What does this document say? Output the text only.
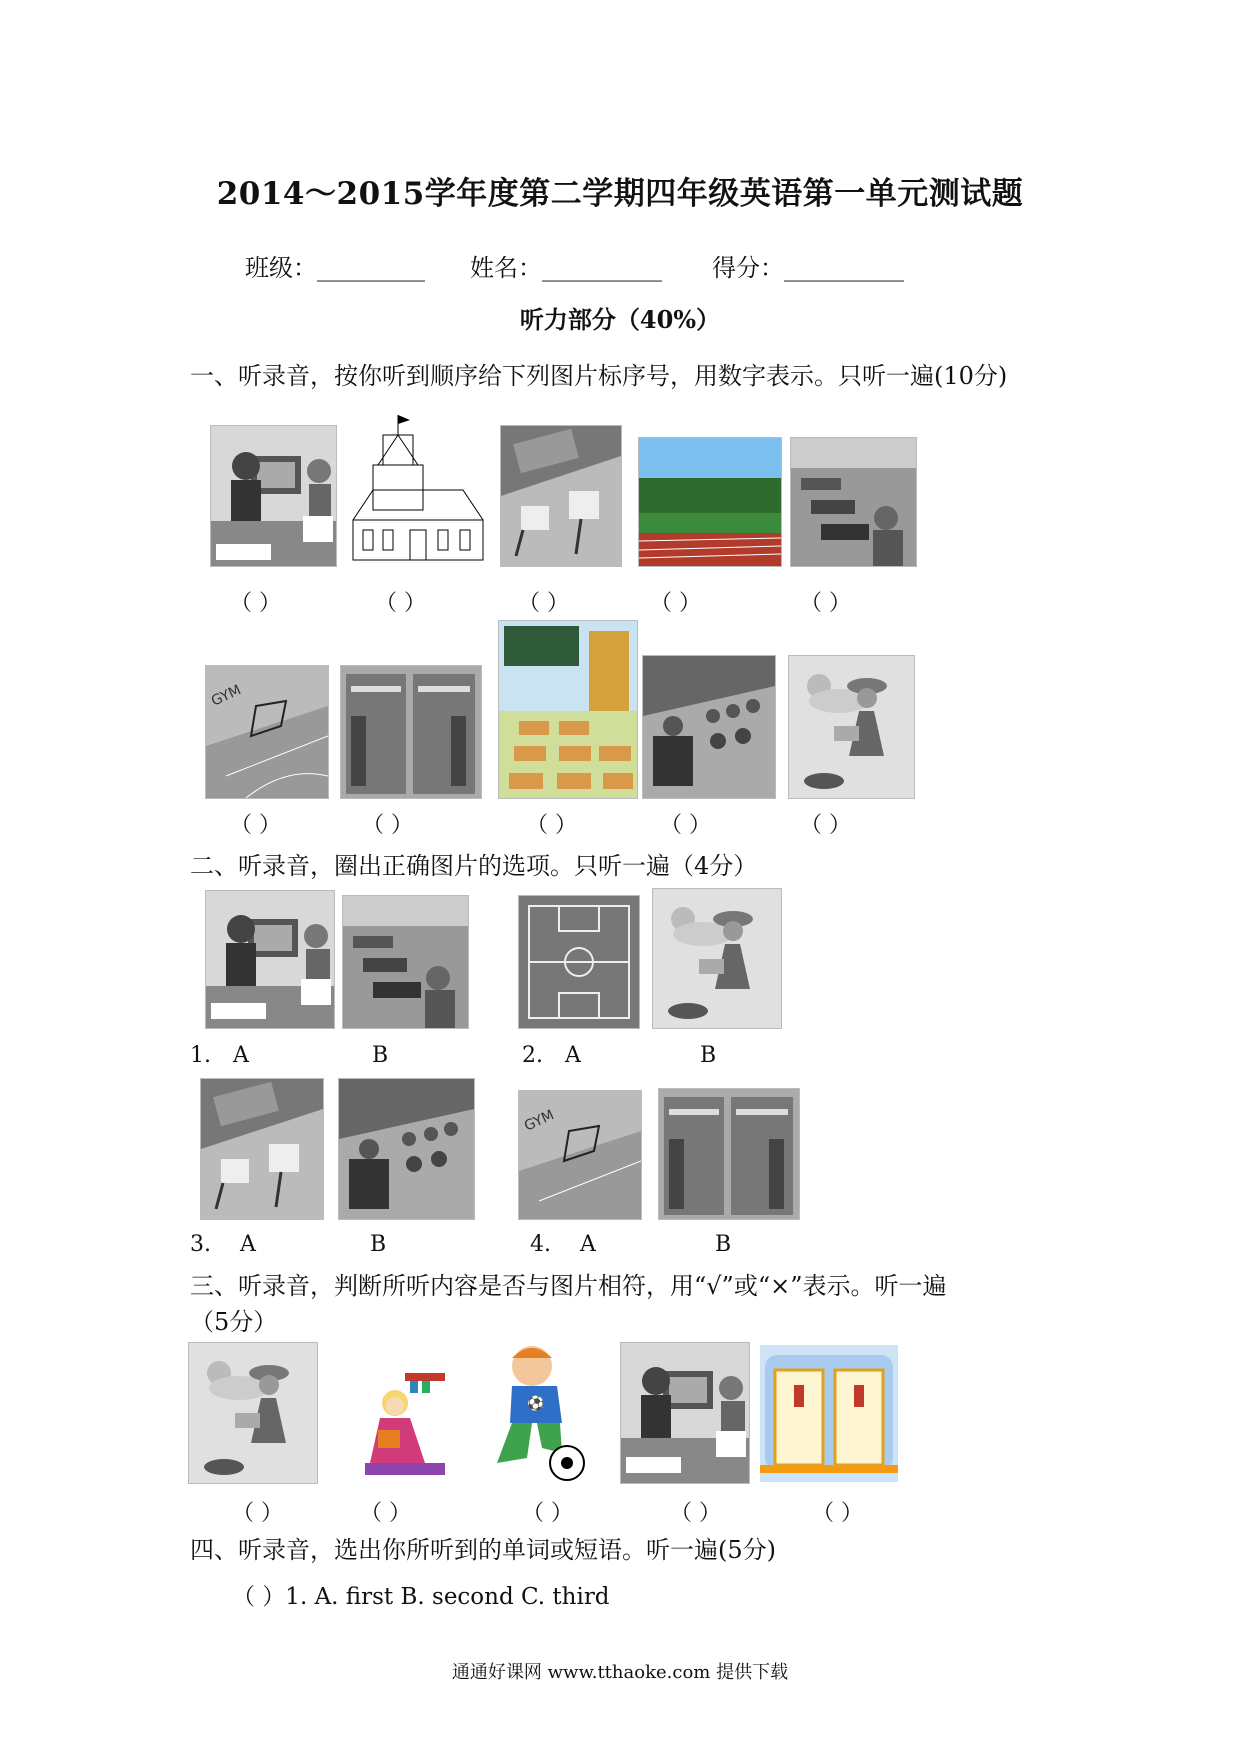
2014～2015学年度第二学期四年级英语第一单元测试题
班级：_________ 姓名：__________ 得分：__________
听力部分（40%）
一、听录音，按你听到顺序给下列图片标序号，用数字表示。只听一遍(10分)
（ ）	（ ）	（ ）	（ ）	（ ）
GYM
（ ）	（ ）	（ ）	（ ）	（ ）
二、听录音，圈出正确图片的选项。只听一遍（4分）
1. A	B	2. A	B
GYM
3. A	B	4. A	B
三、听录音，判断所听内容是否与图片相符，用“√”或“×”表示。听一遍
（5分）
⚽
（ ）	（ ）	（ ）	（ ）	（ ）
四、听录音，选出你所听到的单词或短语。听一遍(5分)
（ ）1. A. first B. second C. third
通通好课网 www.tthaoke.com 提供下载
